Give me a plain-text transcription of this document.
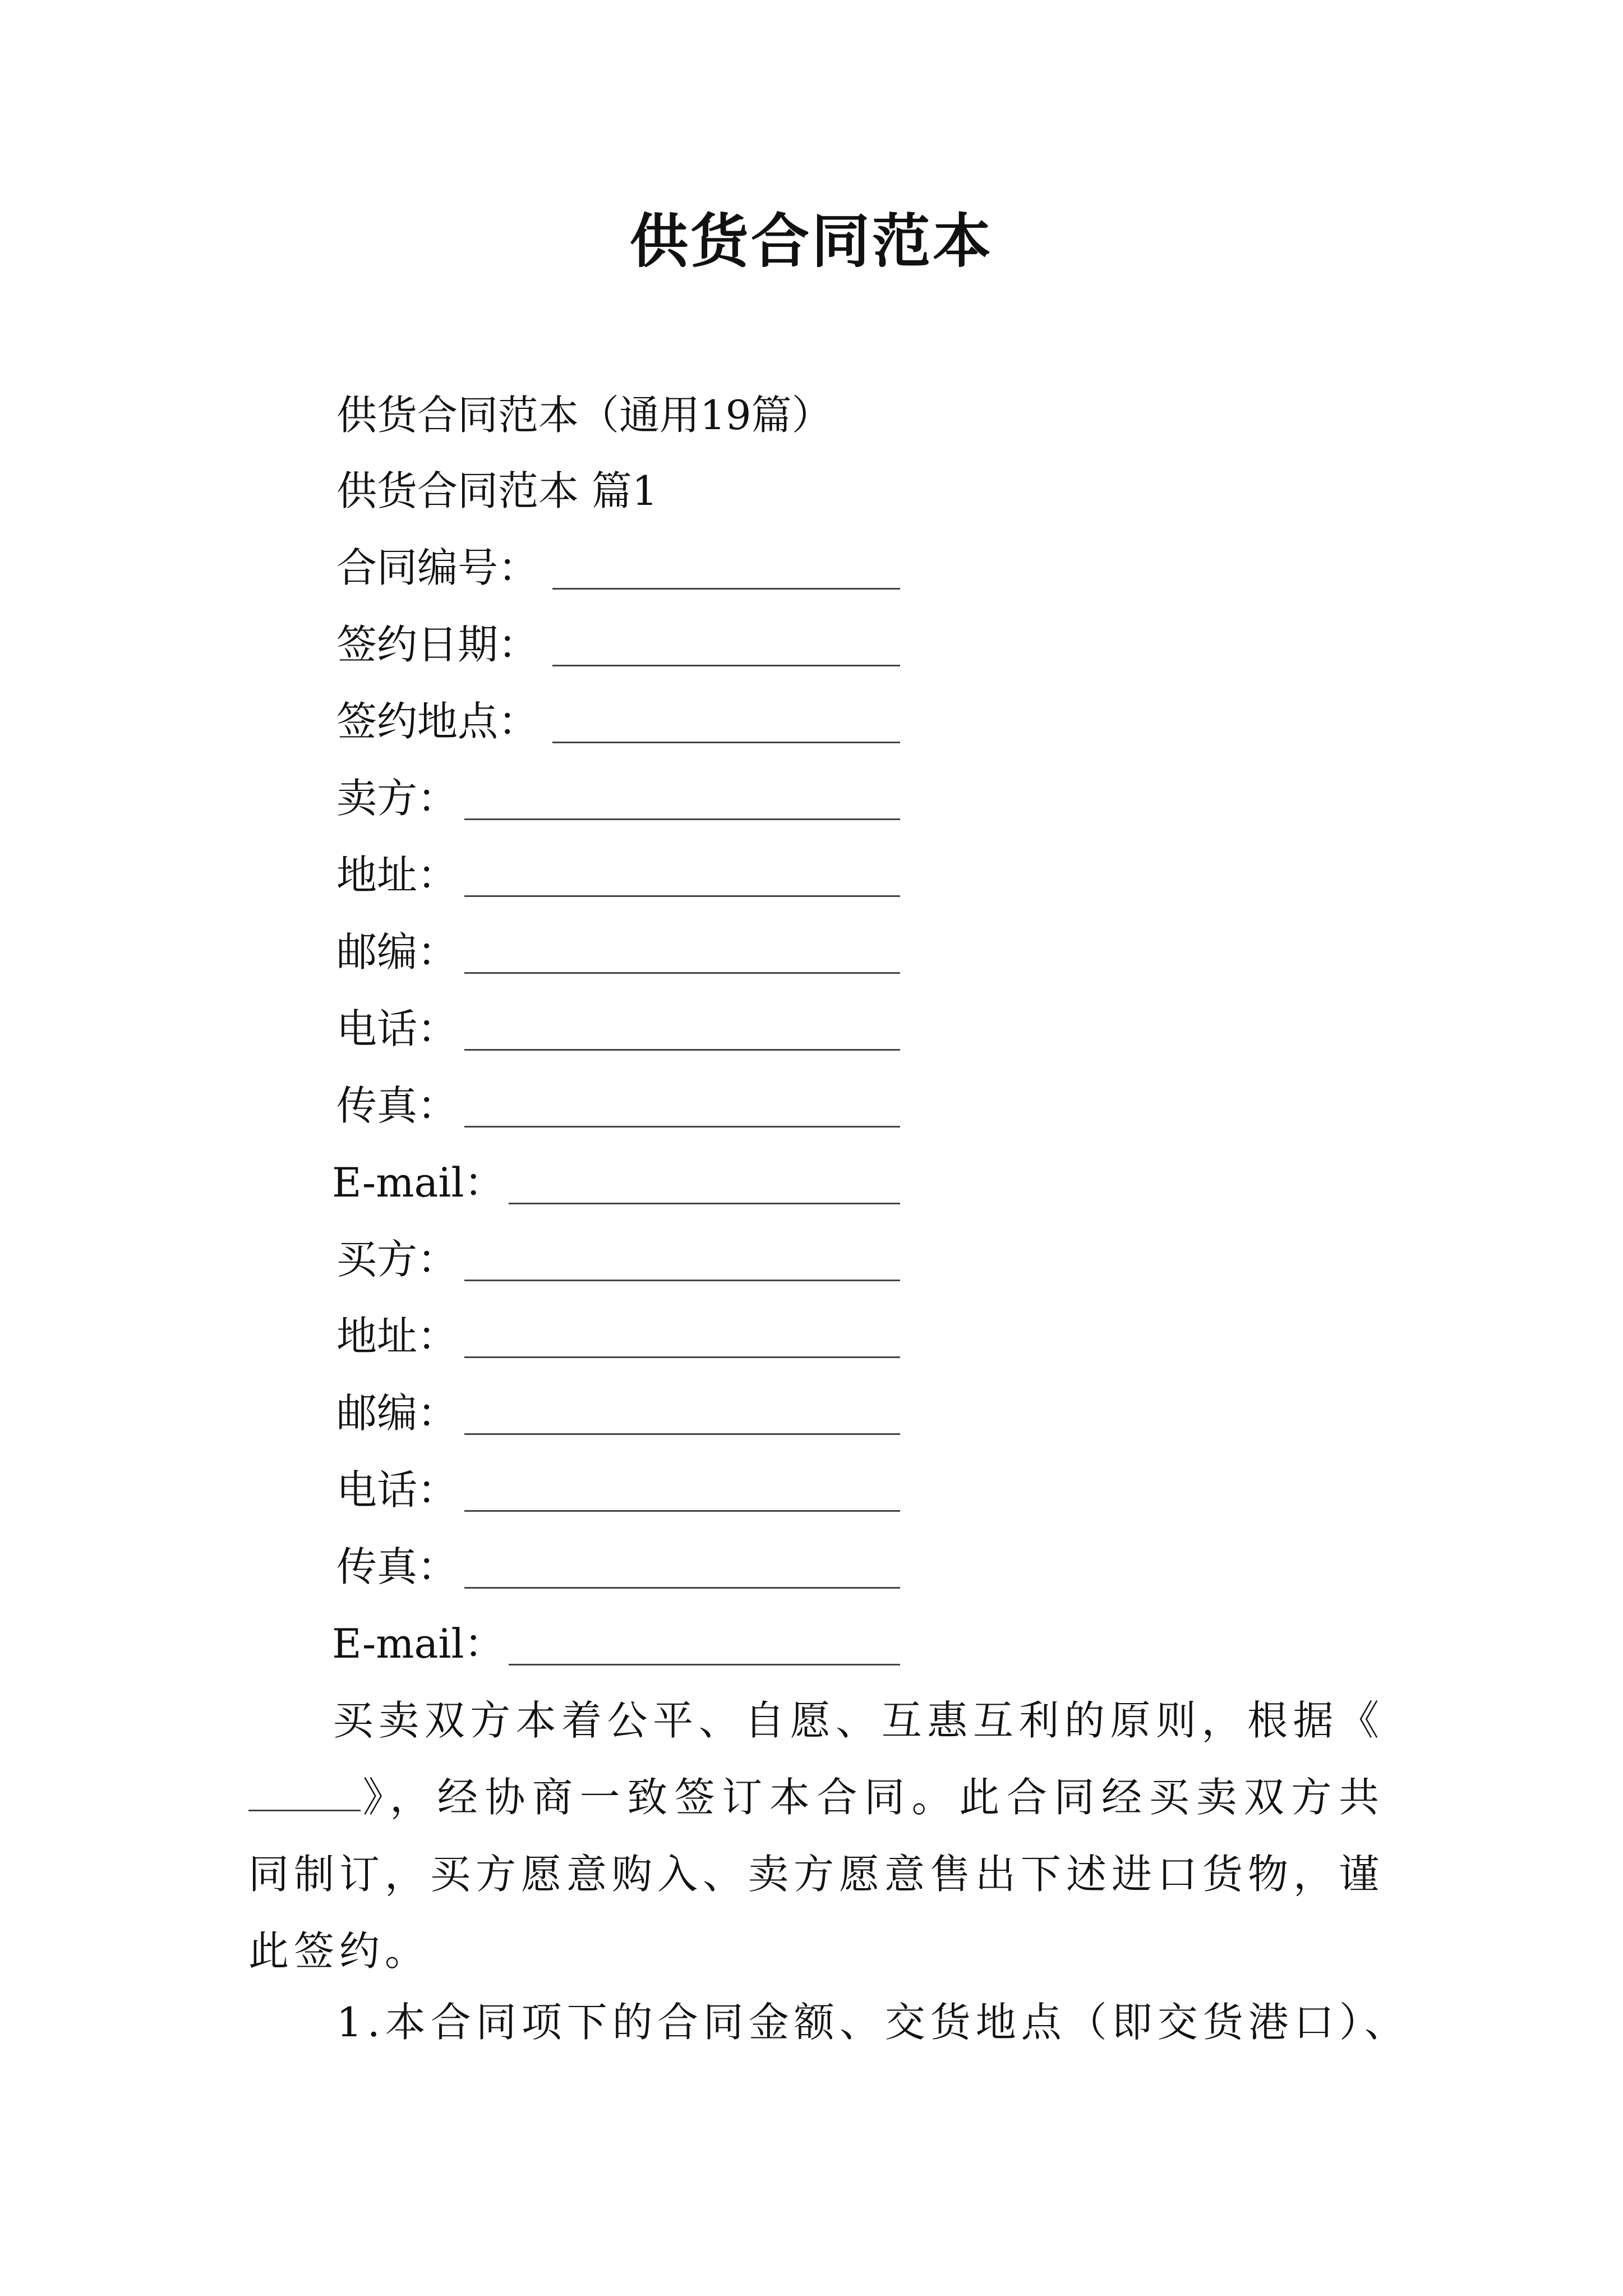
供货合同范本
供货合同范本（通用19篇）
供货合同范本 篇1
合同编号：
签约日期：
签约地点：
卖方：
地址：
邮编：
电话：
传真：
E-mail：
买方：
地址：
邮编：
电话：
传真：
E-mail：
买卖双方本着公平、自愿、互惠互利的原则，根据《》，经协商一致签订本合同。此合同经买卖双方共同制订，买方愿意购入、卖方愿意售出下述进口货物，谨此签约。
1.本合同项下的合同金额、交货地点（即交货港口）、
